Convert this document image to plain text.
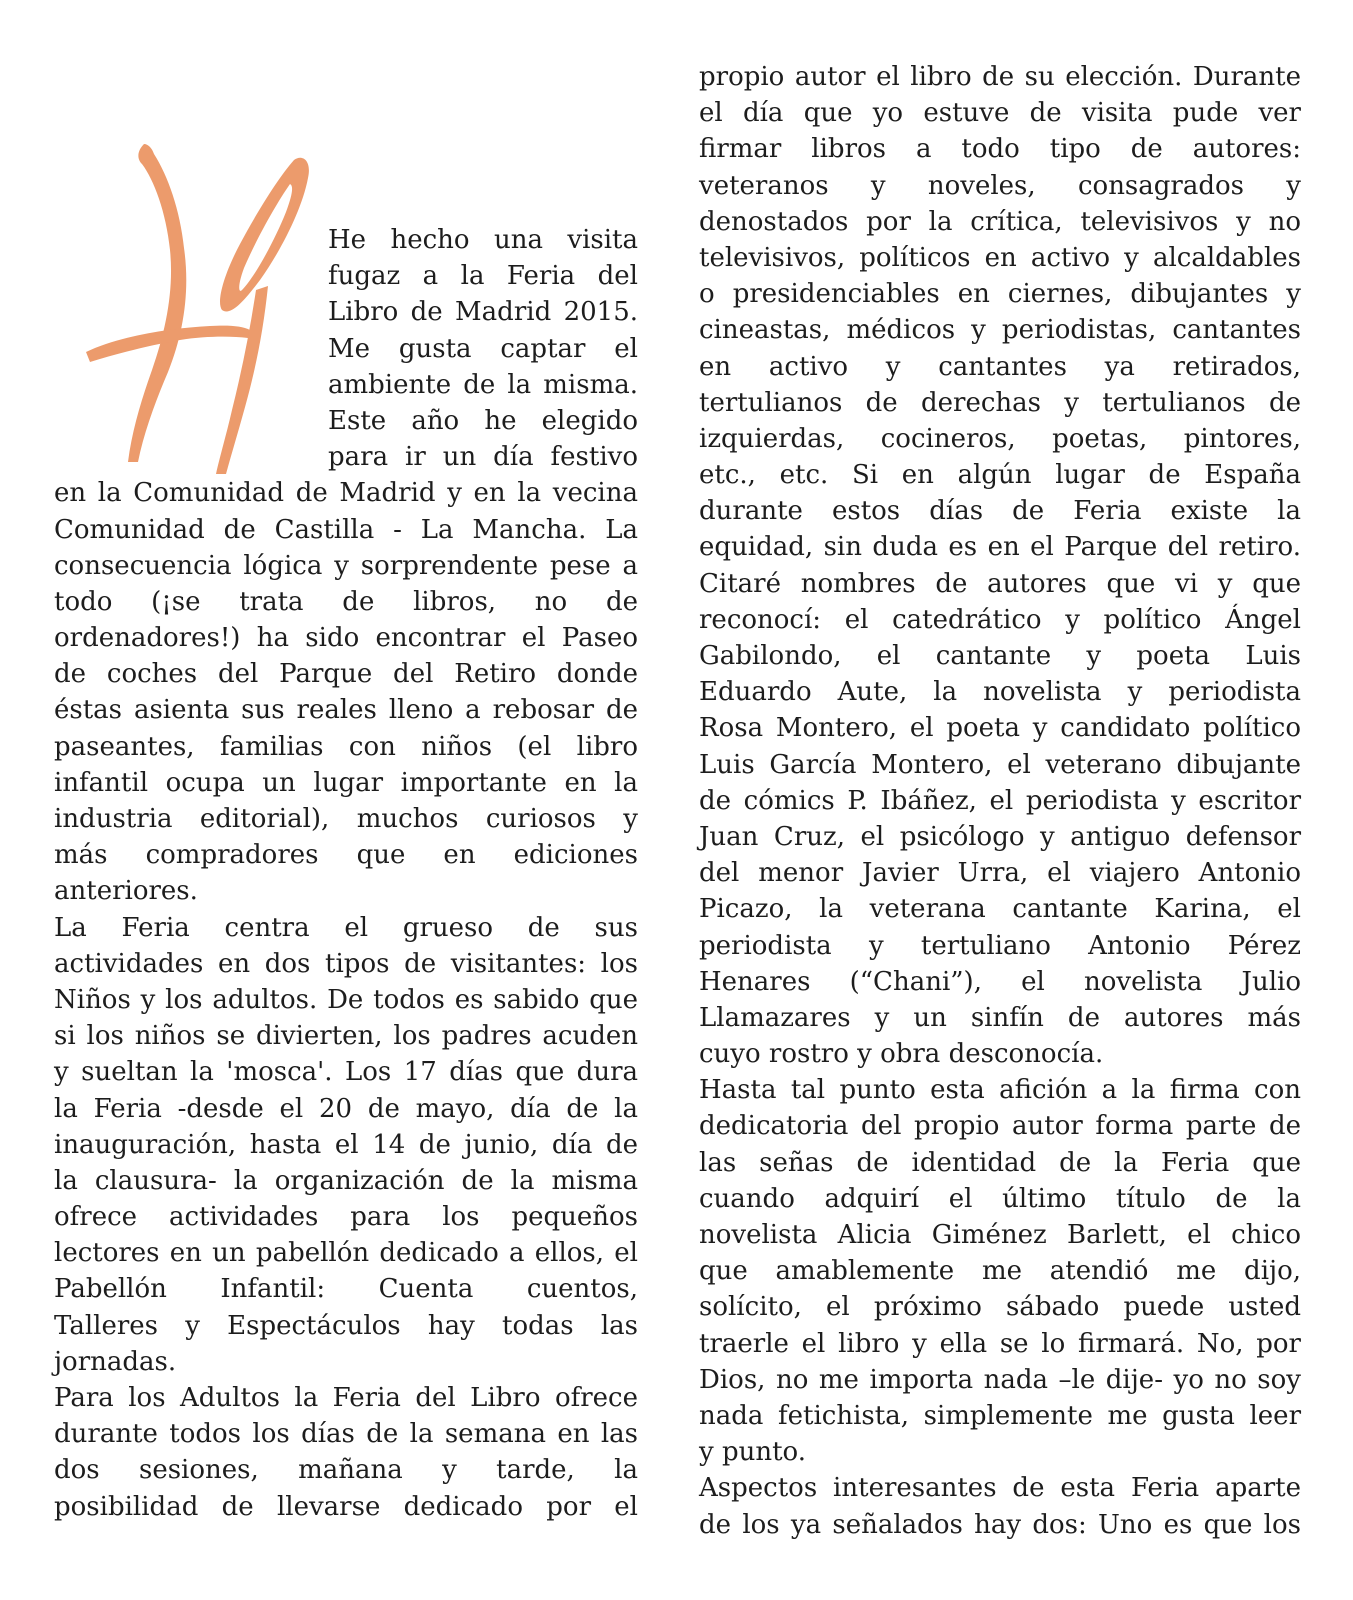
He hecho una visita
fugaz a la Feria del
Libro de Madrid 2015.
Me gusta captar el
ambiente de la misma.
Este año he elegido
para ir un día festivo
en la Comunidad de Madrid y en la vecina
Comunidad de Castilla - La Mancha. La
consecuencia lógica y sorprendente pese a
todo (¡se trata de libros, no de
ordenadores!) ha sido encontrar el Paseo
de coches del Parque del Retiro donde
éstas asienta sus reales lleno a rebosar de
paseantes, familias con niños (el libro
infantil ocupa un lugar importante en la
industria editorial), muchos curiosos y
más compradores que en ediciones
anteriores.
La Feria centra el grueso de sus
actividades en dos tipos de visitantes: los
Niños y los adultos. De todos es sabido que
si los niños se divierten, los padres acuden
y sueltan la 'mosca'. Los 17 días que dura
la Feria -desde el 20 de mayo, día de la
inauguración, hasta el 14 de junio, día de
la clausura- la organización de la misma
ofrece actividades para los pequeños
lectores en un pabellón dedicado a ellos, el
Pabellón Infantil: Cuenta cuentos,
Talleres y Espectáculos hay todas las
jornadas.
Para los Adultos la Feria del Libro ofrece
durante todos los días de la semana en las
dos sesiones, mañana y tarde, la
posibilidad de llevarse dedicado por el
propio autor el libro de su elección. Durante
el día que yo estuve de visita pude ver
firmar libros a todo tipo de autores:
veteranos y noveles, consagrados y
denostados por la crítica, televisivos y no
televisivos, políticos en activo y alcaldables
o presidenciables en ciernes, dibujantes y
cineastas, médicos y periodistas, cantantes
en activo y cantantes ya retirados,
tertulianos de derechas y tertulianos de
izquierdas, cocineros, poetas, pintores,
etc., etc. Si en algún lugar de España
durante estos días de Feria existe la
equidad, sin duda es en el Parque del retiro.
Citaré nombres de autores que vi y que
reconocí: el catedrático y político Ángel
Gabilondo, el cantante y poeta Luis
Eduardo Aute, la novelista y periodista
Rosa Montero, el poeta y candidato político
Luis García Montero, el veterano dibujante
de cómics P. Ibáñez, el periodista y escritor
Juan Cruz, el psicólogo y antiguo defensor
del menor Javier Urra, el viajero Antonio
Picazo, la veterana cantante Karina, el
periodista y tertuliano Antonio Pérez
Henares (“Chani”), el novelista Julio
Llamazares y un sinfín de autores más
cuyo rostro y obra desconocía.
Hasta tal punto esta afición a la firma con
dedicatoria del propio autor forma parte de
las señas de identidad de la Feria que
cuando adquirí el último título de la
novelista Alicia Giménez Barlett, el chico
que amablemente me atendió me dijo,
solícito, el próximo sábado puede usted
traerle el libro y ella se lo firmará. No, por
Dios, no me importa nada –le dije- yo no soy
nada fetichista, simplemente me gusta leer
y punto.
Aspectos interesantes de esta Feria aparte
de los ya señalados hay dos: Uno es que los
